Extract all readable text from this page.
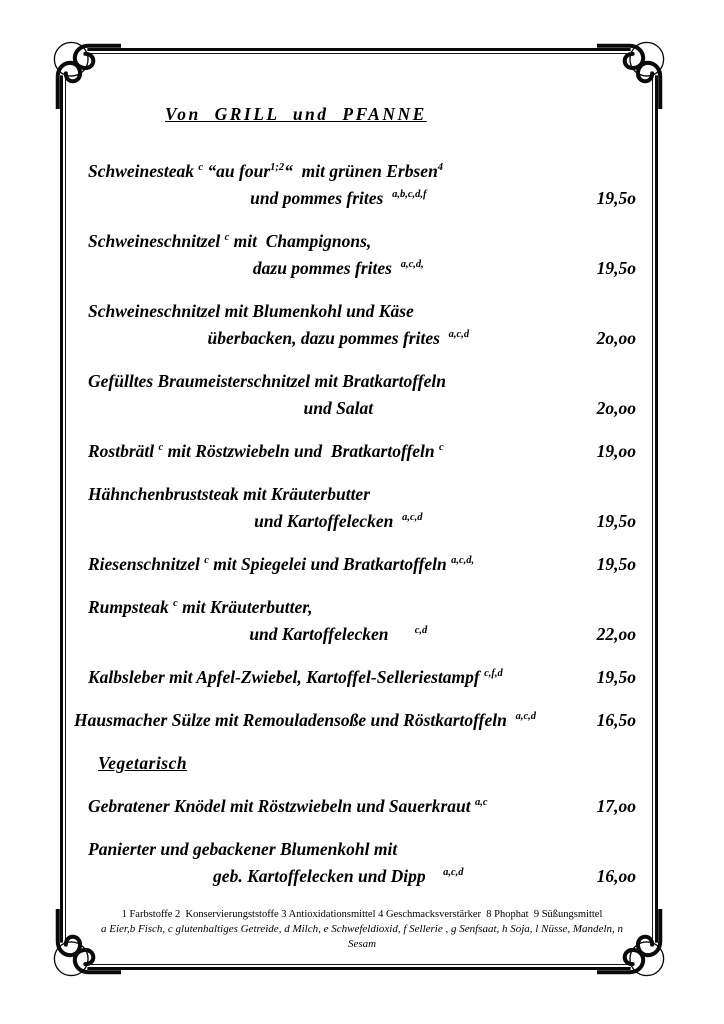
Von GRILL und PFANNE
Schweinesteak $^c$ “au four$^{1;2}$“  mit grünen Erbsen$^4$
und pommes frites  $^{a,b,c,d,f}$	19,5o
Schweineschnitzel $^c$ mit  Champignons,
dazu pommes frites  $^{a,c,d,}$	19,5o
Schweineschnitzel mit Blumenkohl und Käse
überbacken, dazu pommes frites  $^{a,c,d}$	2o,oo
Gefülltes Braumeisterschnitzel mit Bratkartoffeln
und Salat	2o,oo
Rostbrätl $^c$ mit Röstzwiebeln und  Bratkartoffeln $^c$	19,oo
Hähnchenbruststeak mit Kräuterbutter
und Kartoffelecken  $^{a,c,d}$	19,5o
Riesenschnitzel $^c$ mit Spiegelei und Bratkartoffeln $^{a,c,d,}$	19,5o
Rumpsteak $^c$ mit Kräuterbutter,
und Kartoffelecken      $^{c,d}$	22,oo
Kalbsleber mit Apfel-Zwiebel, Kartoffel-Selleriestampf $^{c,f,d}$	19,5o
Hausmacher Sülze mit Remouladensoße und Röstkartoffeln  $^{a,c,d}$	16,5o
Vegetarisch
Gebratener Knödel mit Röstzwiebeln und Sauerkraut $^{a,c}$	17,oo
Panierter und gebackener Blumenkohl mit
geb. Kartoffelecken und Dipp    $^{a,c,d}$	16,oo
1 Farbstoffe 2  Konservierungststoffe 3 Antioxidationsmittel 4 Geschmacksverstärker  8 Phophat  9 Süßungsmittel
a Eier,b Fisch, c glutenhaltiges Getreide, d Milch, e Schwefeldioxid, f Sellerie , g Senfsaat, h Soja, l Nüsse, Mandeln, n Sesam
